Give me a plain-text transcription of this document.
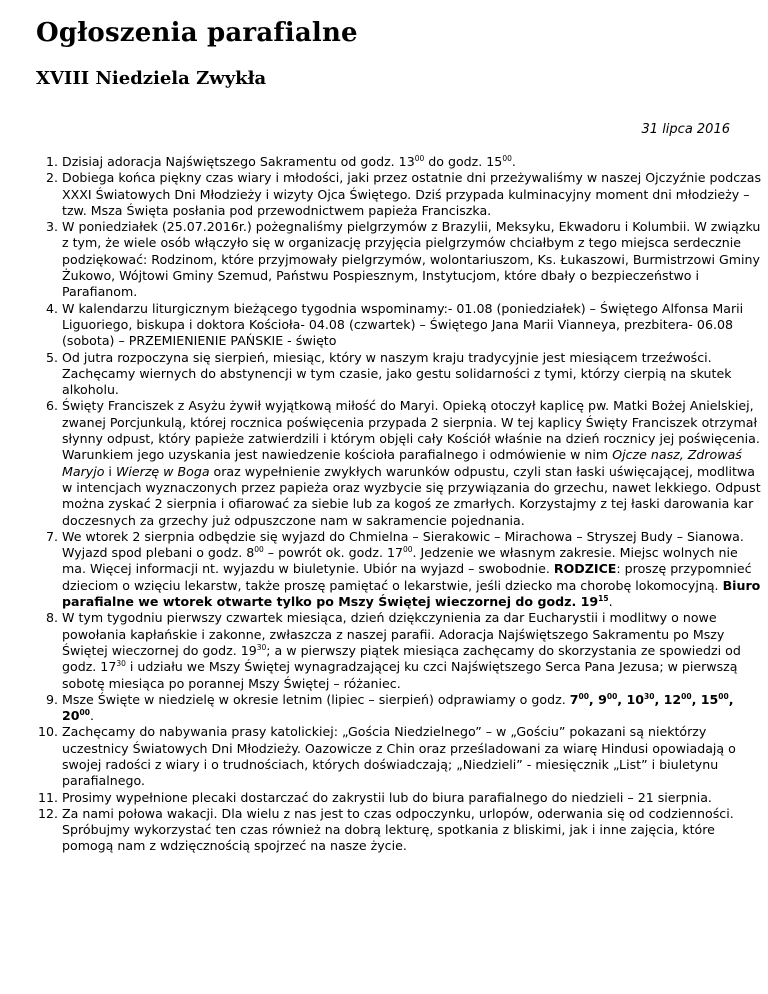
Ogłoszenia parafialne
XVIII Niedziela Zwykła
31 lipca 2016
1. Dzisiaj adoracja Najświętszego Sakramentu od godz. $13^{00}$ do godz. $15^{00}$.
2. Dobiega końca piękny czas wiary i młodości, jaki przez ostatnie dni przeżywaliśmy w naszej Ojczyźnie podczas XXXI Światowych Dni Młodzieży i wizyty Ojca Świętego. Dziś przypada kulminacyjny moment dni młodzieży – tzw. Msza Święta posłania pod przewodnictwem papieża Franciszka.
3. W poniedziałek (25.07.2016r.) pożegnaliśmy pielgrzymów z Brazylii, Meksyku, Ekwadoru i Kolumbii. W związku z tym, że wiele osób włączyło się w organizację przyjęcia pielgrzymów chciałbym z tego miejsca serdecznie podziękować: Rodzinom, które przyjmowały pielgrzymów, wolontariuszom, Ks. Łukaszowi, Burmistrzowi Gminy Żukowo, Wójtowi Gminy Szemud, Państwu Pospiesznym, Instytucjom, które dbały o bezpieczeństwo i Parafianom.
4. W kalendarzu liturgicznym bieżącego tygodnia wspominamy:- 01.08 (poniedziałek) – Świętego Alfonsa Marii Liguoriego, biskupa i doktora Kościoła- 04.08 (czwartek) – Świętego Jana Marii Vianneya, prezbitera- 06.08 (sobota) – PRZEMIENIENIE PAŃSKIE - święto
5. Od jutra rozpoczyna się sierpień, miesiąc, który w naszym kraju tradycyjnie jest miesiącem trzeźwości. Zachęcamy wiernych do abstynencji w tym czasie, jako gestu solidarności z tymi, którzy cierpią na skutek alkoholu.
6. Święty Franciszek z Asyżu żywił wyjątkową miłość do Maryi. Opieką otoczył kaplicę pw. Matki Bożej Anielskiej, zwanej Porcjunkulą, której rocznica poświęcenia przypada 2 sierpnia. W tej kaplicy Święty Franciszek otrzymał słynny odpust, który papieże zatwierdzili i którym objęli cały Kościół właśnie na dzień rocznicy jej poświęcenia. Warunkiem jego uzyskania jest nawiedzenie kościoła parafialnego i odmówienie w nim Ojcze nasz, Zdrowaś Maryjo i Wierzę w Boga oraz wypełnienie zwykłych warunków odpustu, czyli stan łaski uświęcającej, modlitwa w intencjach wyznaczonych przez papieża oraz wyzbycie się przywiązania do grzechu, nawet lekkiego. Odpust można zyskać 2 sierpnia i ofiarować za siebie lub za kogoś ze zmarłych. Korzystajmy z tej łaski darowania kar doczesnych za grzechy już odpuszczone nam w sakramencie pojednania.
7. We wtorek 2 sierpnia odbędzie się wyjazd do Chmielna – Sierakowic – Mirachowa – Stryszej Budy – Sianowa. Wyjazd spod plebani o godz. $8^{00}$ – powrót ok. godz. $17^{00}$. Jedzenie we własnym zakresie. Miejsc wolnych nie ma. Więcej informacji nt. wyjazdu w biuletynie. Ubiór na wyjazd – swobodnie. RODZICE: proszę przypomnieć dzieciom o wzięciu lekarstw, także proszę pamiętać o lekarstwie, jeśli dziecko ma chorobę lokomocyjną. Biuro parafialne we wtorek otwarte tylko po Mszy Świętej wieczornej do godz. $19^{15}$.
8. W tym tygodniu pierwszy czwartek miesiąca, dzień dziękczynienia za dar Eucharystii i modlitwy o nowe powołania kapłańskie i zakonne, zwłaszcza z naszej parafii. Adoracja Najświętszego Sakramentu po Mszy Świętej wieczornej do godz. $19^{30}$; a w pierwszy piątek miesiąca zachęcamy do skorzystania ze spowiedzi od godz. $17^{30}$ i udziału we Mszy Świętej wynagradzającej ku czci Najświętszego Serca Pana Jezusa; w pierwszą sobotę miesiąca po porannej Mszy Świętej – różaniec.
9. Msze Święte w niedzielę w okresie letnim (lipiec – sierpień) odprawiamy o godz. $7^{00}$, $9^{00}$, $10^{30}$, $12^{00}$, $15^{00}$, $20^{00}$.
10. Zachęcamy do nabywania prasy katolickiej: „Gościa Niedzielnego” – w „Gościu” pokazani są niektórzy uczestnicy Światowych Dni Młodzieży. Oazowicze z Chin oraz prześladowani za wiarę Hindusi opowiadają o swojej radości z wiary i o trudnościach, których doświadczają; „Niedzieli” - miesięcznik „List” i biuletynu parafialnego.
11. Prosimy wypełnione plecaki dostarczać do zakrystii lub do biura parafialnego do niedzieli – 21 sierpnia.
12. Za nami połowa wakacji. Dla wielu z nas jest to czas odpoczynku, urlopów, oderwania się od codzienności. Spróbujmy wykorzystać ten czas również na dobrą lekturę, spotkania z bliskimi, jak i inne zajęcia, które pomogą nam z wdzięcznością spojrzeć na nasze życie.
